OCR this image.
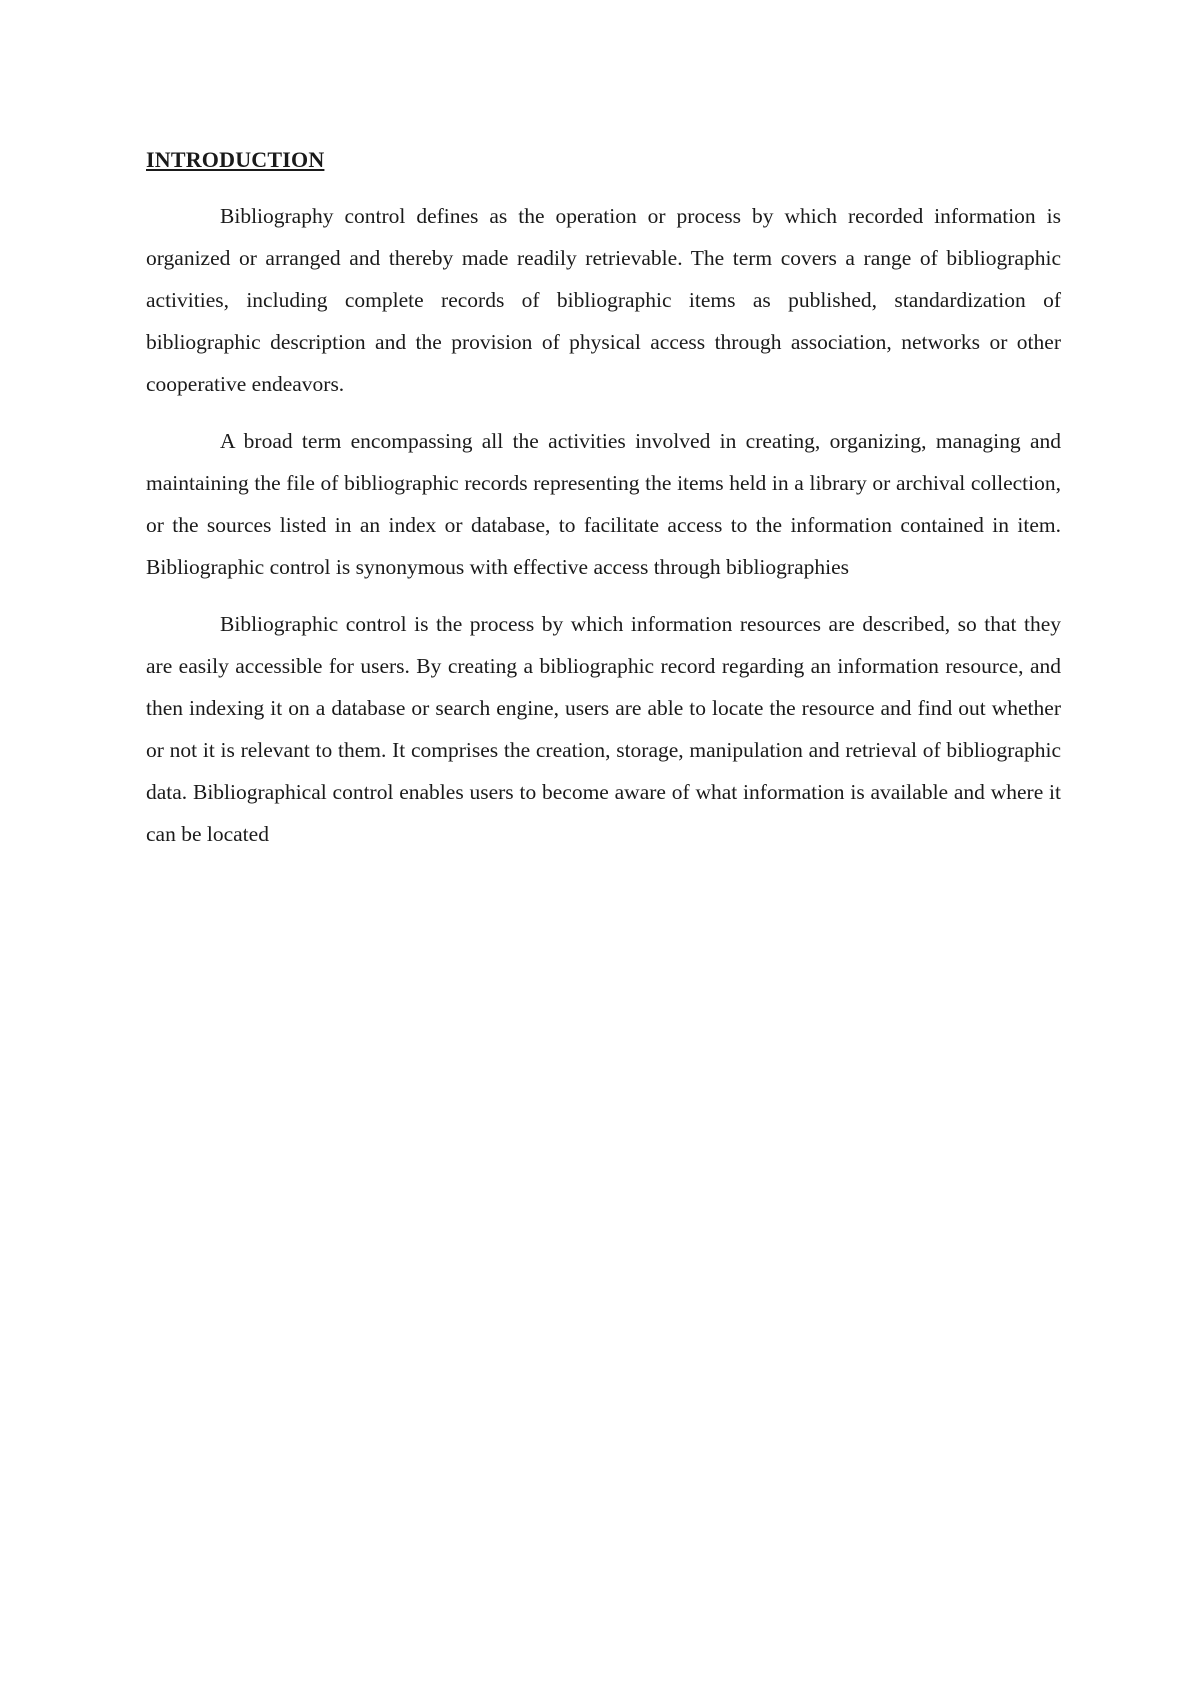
INTRODUCTION

Bibliography control defines as the operation or process by which recorded information is organized or arranged and thereby made readily retrievable. The term covers a range of bibliographic activities, including complete records of bibliographic items as published, standardization of bibliographic description and the provision of physical access through association, networks or other cooperative endeavors.

A broad term encompassing all the activities involved in creating, organizing, managing and maintaining the file of bibliographic records representing the items held in a library or archival collection, or the sources listed in an index or database, to facilitate access to the information contained in item. Bibliographic control is synonymous with effective access through bibliographies

Bibliographic control is the process by which information resources are described, so that they are easily accessible for users. By creating a bibliographic record regarding an information resource, and then indexing it on a database or search engine, users are able to locate the resource and find out whether or not it is relevant to them. It comprises the creation, storage, manipulation and retrieval of bibliographic data. Bibliographical control enables users to become aware of what information is available and where it can be located
